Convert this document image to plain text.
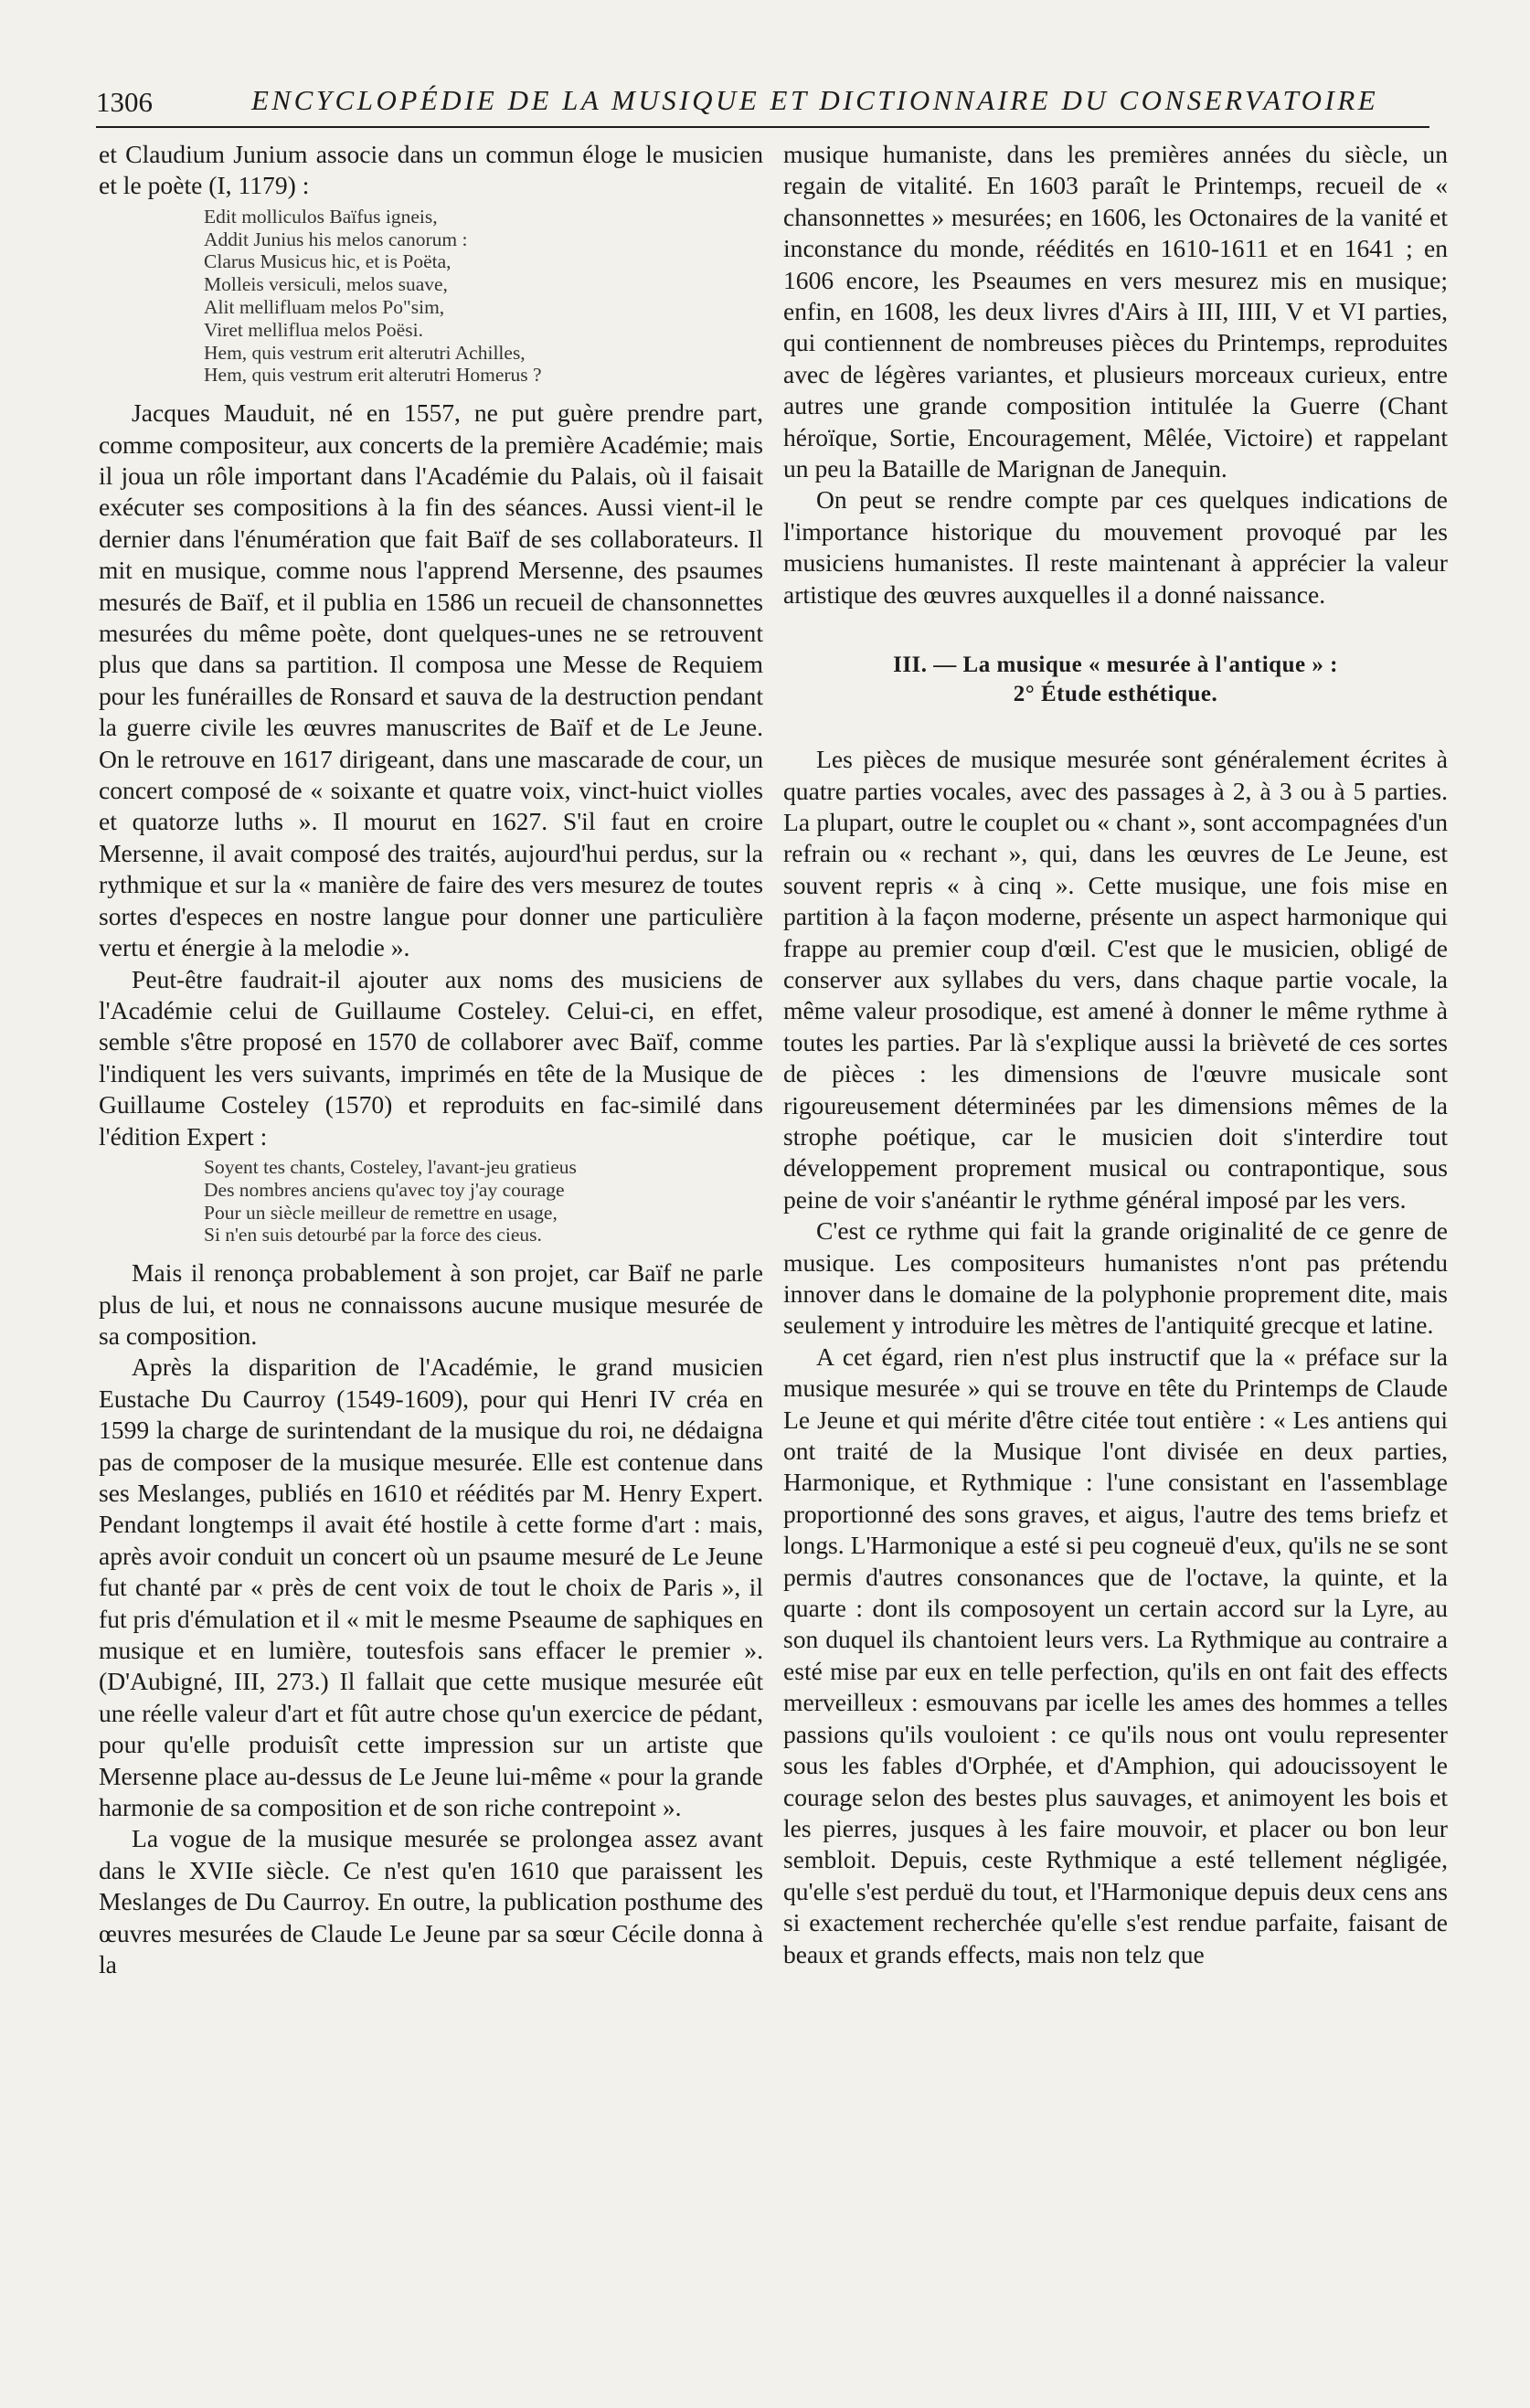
1306	ENCYCLOPÉDIE DE LA MUSIQUE ET DICTIONNAIRE DU CONSERVATOIRE

et Claudium Junium associe dans un commun éloge le musicien et le poète (I, 1179) :

Edit molliculos Baïfus igneis,
Addit Junius his melos canorum :
Clarus Musicus hic, et is Poëta,
Molleis versiculi, melos suave,
Alit mellifluam melos Po"sim,
Viret melliflua melos Poësi.
Hem, quis vestrum erit alterutri Achilles,
Hem, quis vestrum erit alterutri Homerus ?

Jacques Mauduit, né en 1557, ne put guère prendre part, comme compositeur, aux concerts de la première Académie; mais il joua un rôle important dans l'Académie du Palais, où il faisait exécuter ses compositions à la fin des séances. Aussi vient-il le dernier dans l'énumération que fait Baïf de ses collaborateurs. Il mit en musique, comme nous l'apprend Mersenne, des psaumes mesurés de Baïf, et il publia en 1586 un recueil de chansonnettes mesurées du même poète, dont quelques-unes ne se retrouvent plus que dans sa partition. Il composa une Messe de Requiem pour les funérailles de Ronsard et sauva de la destruction pendant la guerre civile les œuvres manuscrites de Baïf et de Le Jeune. On le retrouve en 1617 dirigeant, dans une mascarade de cour, un concert composé de « soixante et quatre voix, vinct-huict violles et quatorze luths ». Il mourut en 1627. S'il faut en croire Mersenne, il avait composé des traités, aujourd'hui perdus, sur la rythmique et sur la « manière de faire des vers mesurez de toutes sortes d'especes en nostre langue pour donner une particulière vertu et énergie à la melodie ».

Peut-être faudrait-il ajouter aux noms des musiciens de l'Académie celui de Guillaume Costeley. Celui-ci, en effet, semble s'être proposé en 1570 de collaborer avec Baïf, comme l'indiquent les vers suivants, imprimés en tête de la Musique de Guillaume Costeley (1570) et reproduits en fac-similé dans l'édition Expert :

Soyent tes chants, Costeley, l'avant-jeu gratieus
Des nombres anciens qu'avec toy j'ay courage
Pour un siècle meilleur de remettre en usage,
Si n'en suis detourbé par la force des cieus.

Mais il renonça probablement à son projet, car Baïf ne parle plus de lui, et nous ne connaissons aucune musique mesurée de sa composition.

Après la disparition de l'Académie, le grand musicien Eustache Du Caurroy (1549-1609), pour qui Henri IV créa en 1599 la charge de surintendant de la musique du roi, ne dédaigna pas de composer de la musique mesurée. Elle est contenue dans ses Meslanges, publiés en 1610 et réédités par M. Henry Expert. Pendant longtemps il avait été hostile à cette forme d'art : mais, après avoir conduit un concert où un psaume mesuré de Le Jeune fut chanté par « près de cent voix de tout le choix de Paris », il fut pris d'émulation et il « mit le mesme Pseaume de saphiques en musique et en lumière, toutesfois sans effacer le premier ». (D'Aubigné, III, 273.) Il fallait que cette musique mesurée eût une réelle valeur d'art et fût autre chose qu'un exercice de pédant, pour qu'elle produisît cette impression sur un artiste que Mersenne place au-dessus de Le Jeune lui-même « pour la grande harmonie de sa composition et de son riche contrepoint ».

La vogue de la musique mesurée se prolongea assez avant dans le XVIIe siècle. Ce n'est qu'en 1610 que paraissent les Meslanges de Du Caurroy. En outre, la publication posthume des œuvres mesurées de Claude Le Jeune par sa sœur Cécile donna à la

musique humaniste, dans les premières années du siècle, un regain de vitalité. En 1603 paraît le Printemps, recueil de « chansonnettes » mesurées; en 1606, les Octonaires de la vanité et inconstance du monde, réédités en 1610-1611 et en 1641 ; en 1606 encore, les Pseaumes en vers mesurez mis en musique; enfin, en 1608, les deux livres d'Airs à III, IIII, V et VI parties, qui contiennent de nombreuses pièces du Printemps, reproduites avec de légères variantes, et plusieurs morceaux curieux, entre autres une grande composition intitulée la Guerre (Chant héroïque, Sortie, Encouragement, Mêlée, Victoire) et rappelant un peu la Bataille de Marignan de Janequin.

On peut se rendre compte par ces quelques indications de l'importance historique du mouvement provoqué par les musiciens humanistes. Il reste maintenant à apprécier la valeur artistique des œuvres auxquelles il a donné naissance.

III. — La musique « mesurée à l'antique » :
2° Étude esthétique.

Les pièces de musique mesurée sont généralement écrites à quatre parties vocales, avec des passages à 2, à 3 ou à 5 parties. La plupart, outre le couplet ou « chant », sont accompagnées d'un refrain ou « rechant », qui, dans les œuvres de Le Jeune, est souvent repris « à cinq ». Cette musique, une fois mise en partition à la façon moderne, présente un aspect harmonique qui frappe au premier coup d'œil. C'est que le musicien, obligé de conserver aux syllabes du vers, dans chaque partie vocale, la même valeur prosodique, est amené à donner le même rythme à toutes les parties. Par là s'explique aussi la brièveté de ces sortes de pièces : les dimensions de l'œuvre musicale sont rigoureusement déterminées par les dimensions mêmes de la strophe poétique, car le musicien doit s'interdire tout développement proprement musical ou contrapontique, sous peine de voir s'anéantir le rythme général imposé par les vers.

C'est ce rythme qui fait la grande originalité de ce genre de musique. Les compositeurs humanistes n'ont pas prétendu innover dans le domaine de la polyphonie proprement dite, mais seulement y introduire les mètres de l'antiquité grecque et latine.

A cet égard, rien n'est plus instructif que la « préface sur la musique mesurée » qui se trouve en tête du Printemps de Claude Le Jeune et qui mérite d'être citée tout entière : « Les antiens qui ont traité de la Musique l'ont divisée en deux parties, Harmonique, et Rythmique : l'une consistant en l'assemblage proportionné des sons graves, et aigus, l'autre des tems briefz et longs. L'Harmonique a esté si peu cogneuë d'eux, qu'ils ne se sont permis d'autres consonances que de l'octave, la quinte, et la quarte : dont ils composoyent un certain accord sur la Lyre, au son duquel ils chantoient leurs vers. La Rythmique au contraire a esté mise par eux en telle perfection, qu'ils en ont fait des effects merveilleux : esmouvans par icelle les ames des hommes a telles passions qu'ils vouloient : ce qu'ils nous ont voulu representer sous les fables d'Orphée, et d'Amphion, qui adoucissoyent le courage selon des bestes plus sauvages, et animoyent les bois et les pierres, jusques à les faire mouvoir, et placer ou bon leur sembloit. Depuis, ceste Rythmique a esté tellement négligée, qu'elle s'est perduë du tout, et l'Harmonique depuis deux cens ans si exactement recherchée qu'elle s'est rendue parfaite, faisant de beaux et grands effects, mais non telz que
